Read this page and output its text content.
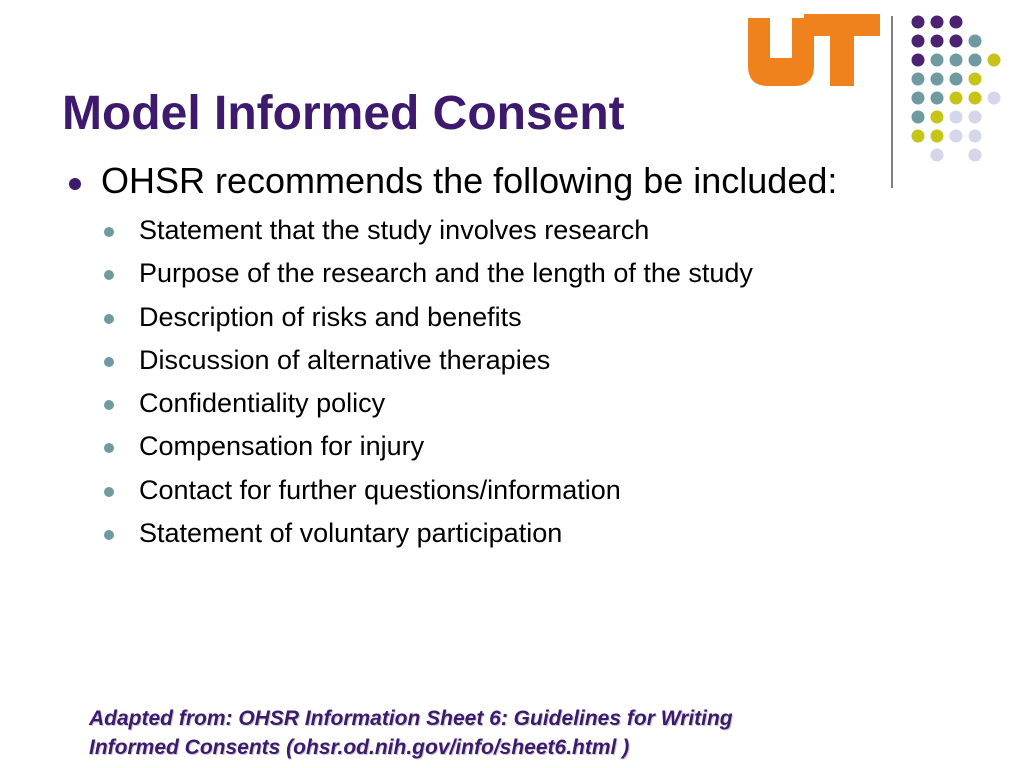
Model Informed Consent
OHSR recommends the following be included:
Statement that the study involves research
Purpose of the research and the length of the study
Description of risks and benefits
Discussion of alternative therapies
Confidentiality policy
Compensation for injury
Contact for further questions/information
Statement of voluntary participation
Adapted from: OHSR Information Sheet 6: Guidelines for Writing
Informed Consents (ohsr.od.nih.gov/info/sheet6.html )
